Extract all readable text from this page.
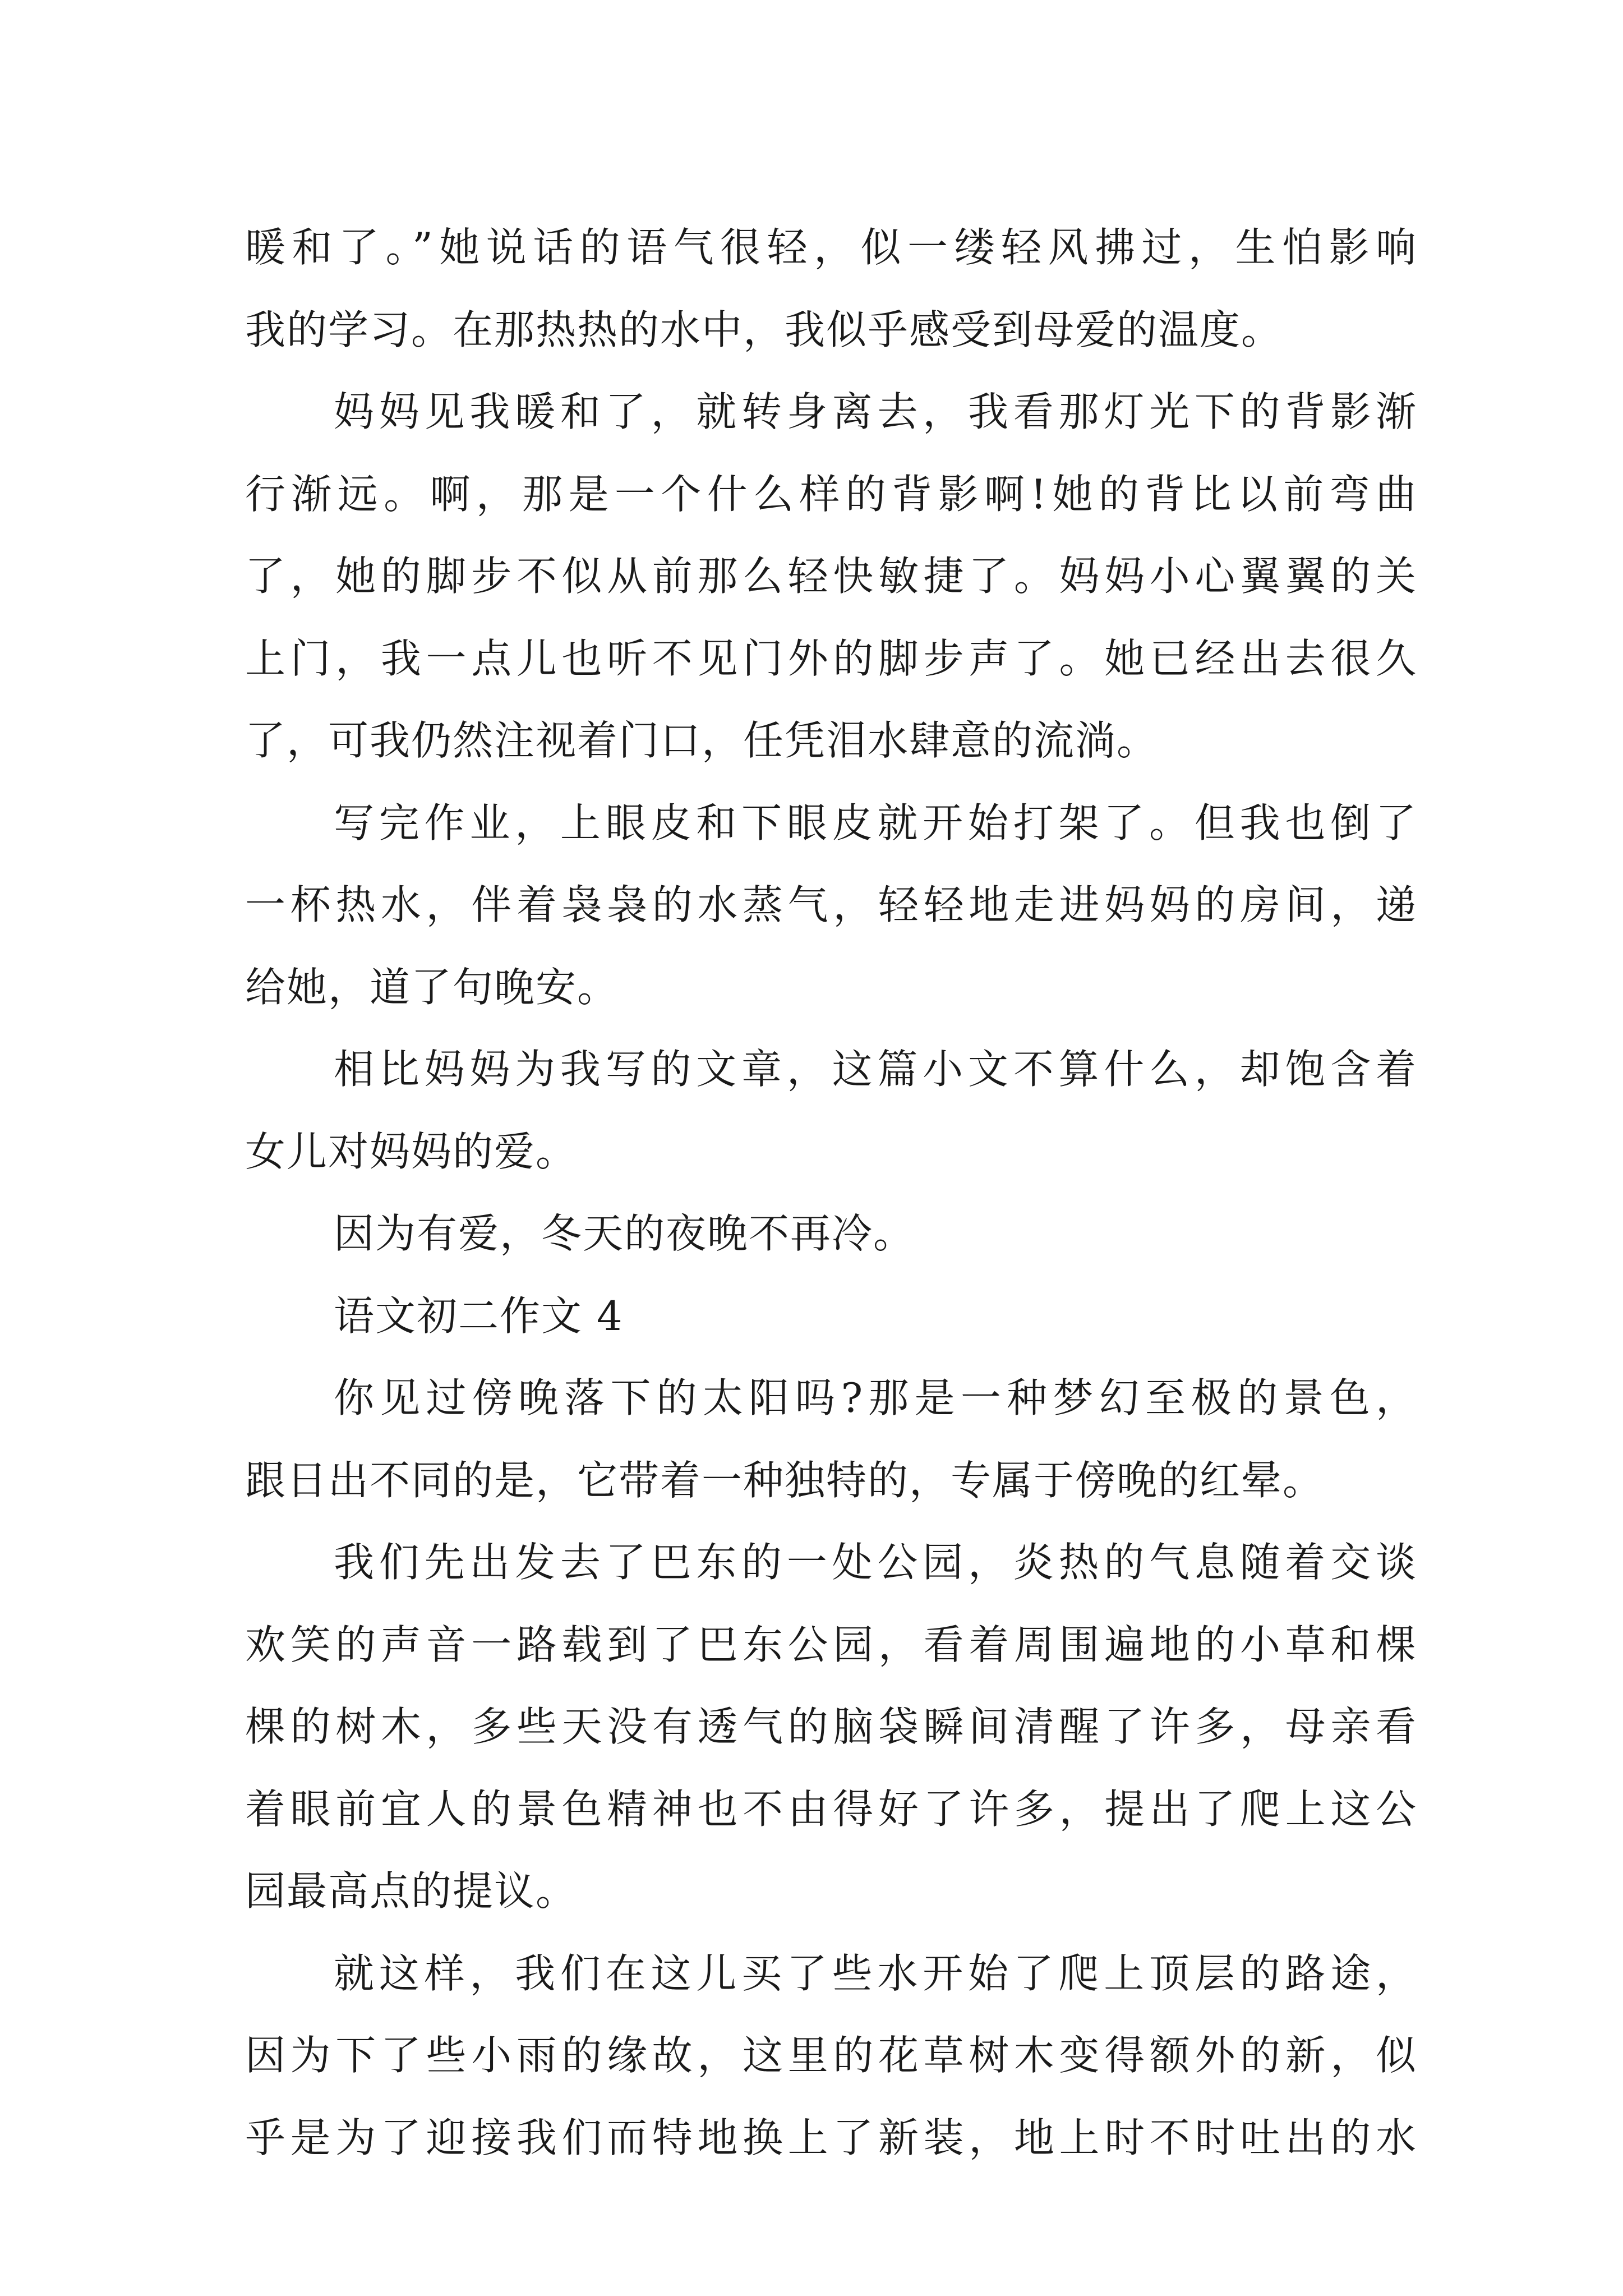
暖和了。”她说话的语气很轻，似一缕轻风拂过，生怕影响
我的学习。在那热热的水中，我似乎感受到母爱的温度。
妈妈见我暖和了，就转身离去，我看那灯光下的背影渐
行渐远。啊，那是一个什么样的背影啊!她的背比以前弯曲
了，她的脚步不似从前那么轻快敏捷了。妈妈小心翼翼的关
上门，我一点儿也听不见门外的脚步声了。她已经出去很久
了，可我仍然注视着门口，任凭泪水肆意的流淌。
写完作业，上眼皮和下眼皮就开始打架了。但我也倒了
一杯热水，伴着袅袅的水蒸气，轻轻地走进妈妈的房间，递
给她，道了句晚安。
相比妈妈为我写的文章，这篇小文不算什么，却饱含着
女儿对妈妈的爱。
因为有爱，冬天的夜晚不再冷。
语文初二作文 4
你见过傍晚落下的太阳吗?那是一种梦幻至极的景色，
跟日出不同的是，它带着一种独特的，专属于傍晚的红晕。
我们先出发去了巴东的一处公园，炎热的气息随着交谈
欢笑的声音一路载到了巴东公园，看着周围遍地的小草和棵
棵的树木，多些天没有透气的脑袋瞬间清醒了许多，母亲看
着眼前宜人的景色精神也不由得好了许多，提出了爬上这公
园最高点的提议。
就这样，我们在这儿买了些水开始了爬上顶层的路途，
因为下了些小雨的缘故，这里的花草树木变得额外的新，似
乎是为了迎接我们而特地换上了新装，地上时不时吐出的水
